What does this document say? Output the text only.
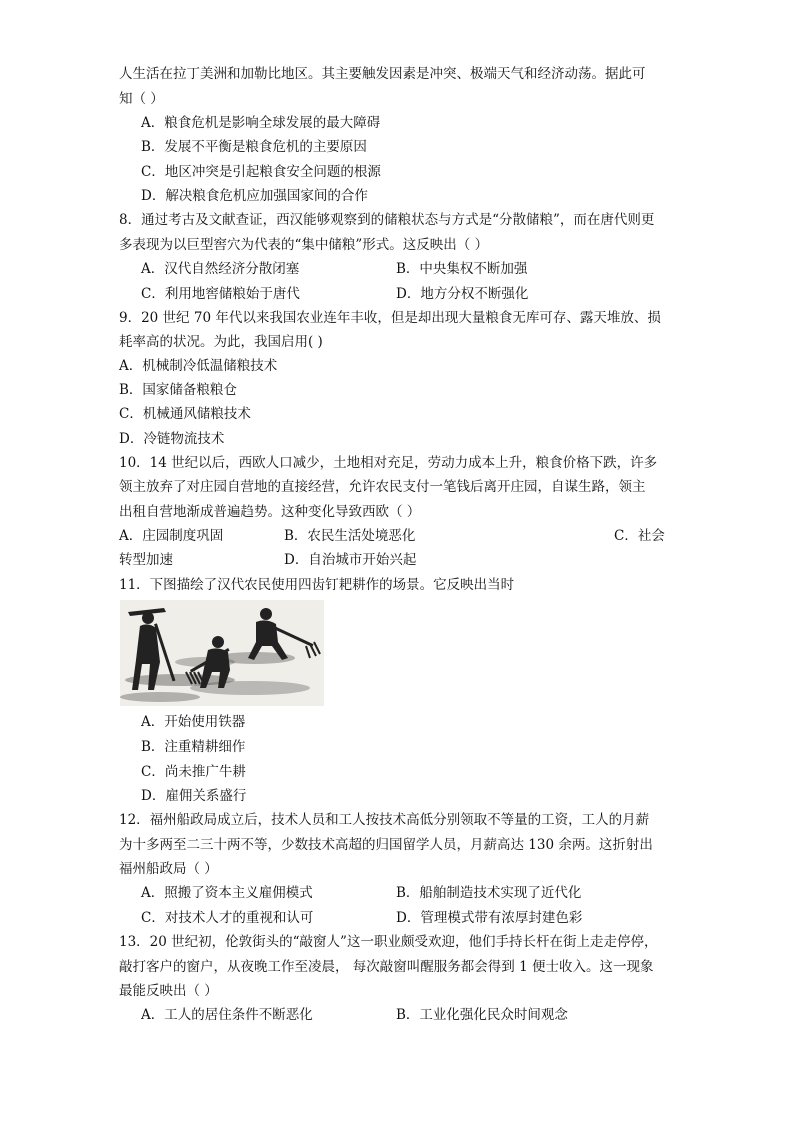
人生活在拉丁美洲和加勒比地区。其主要触发因素是冲突、极端天气和经济动荡。据此可
知（ ）
A．粮食危机是影响全球发展的最大障碍
B．发展不平衡是粮食危机的主要原因
C．地区冲突是引起粮食安全问题的根源
D．解决粮食危机应加强国家间的合作
8．通过考古及文献查证，西汉能够观察到的储粮状态与方式是“分散储粮”，而在唐代则更
多表现为以巨型窖穴为代表的“集中储粮”形式。这反映出（ ）
A．汉代自然经济分散闭塞	B．中央集权不断加强
C．利用地窖储粮始于唐代	D．地方分权不断强化
9．20 世纪 70 年代以来我国农业连年丰收，但是却出现大量粮食无库可存、露天堆放、损
耗率高的状况。为此，我国启用( )
A．机械制冷低温储粮技术
B．国家储备粮粮仓
C．机械通风储粮技术
D．冷链物流技术
10．14 世纪以后，西欧人口减少，土地相对充足，劳动力成本上升，粮食价格下跌，许多
领主放弃了对庄园自营地的直接经营，允许农民支付一笔钱后离开庄园，自谋生路，领主
出租自营地渐成普遍趋势。这种变化导致西欧（ ）
A．庄园制度巩固	B．农民生活处境恶化	C．社会
转型加速	D．自治城市开始兴起
11．下图描绘了汉代农民使用四齿钉耙耕作的场景。它反映出当时
A．开始使用铁器
B．注重精耕细作
C．尚未推广牛耕
D．雇佣关系盛行
12．福州船政局成立后，技术人员和工人按技术高低分别领取不等量的工资，工人的月薪
为十多两至二三十两不等，少数技术高超的归国留学人员，月薪高达 130 余两。这折射出
福州船政局（ ）
A．照搬了资本主义雇佣模式	B．船舶制造技术实现了近代化
C．对技术人才的重视和认可	D．管理模式带有浓厚封建色彩
13．20 世纪初，伦敦街头的“敲窗人”这一职业颇受欢迎，他们手持长杆在街上走走停停，
敲打客户的窗户，从夜晚工作至凌晨， 每次敲窗叫醒服务都会得到 1 便士收入。这一现象
最能反映出（ ）
A．工人的居住条件不断恶化	B．工业化强化民众时间观念
